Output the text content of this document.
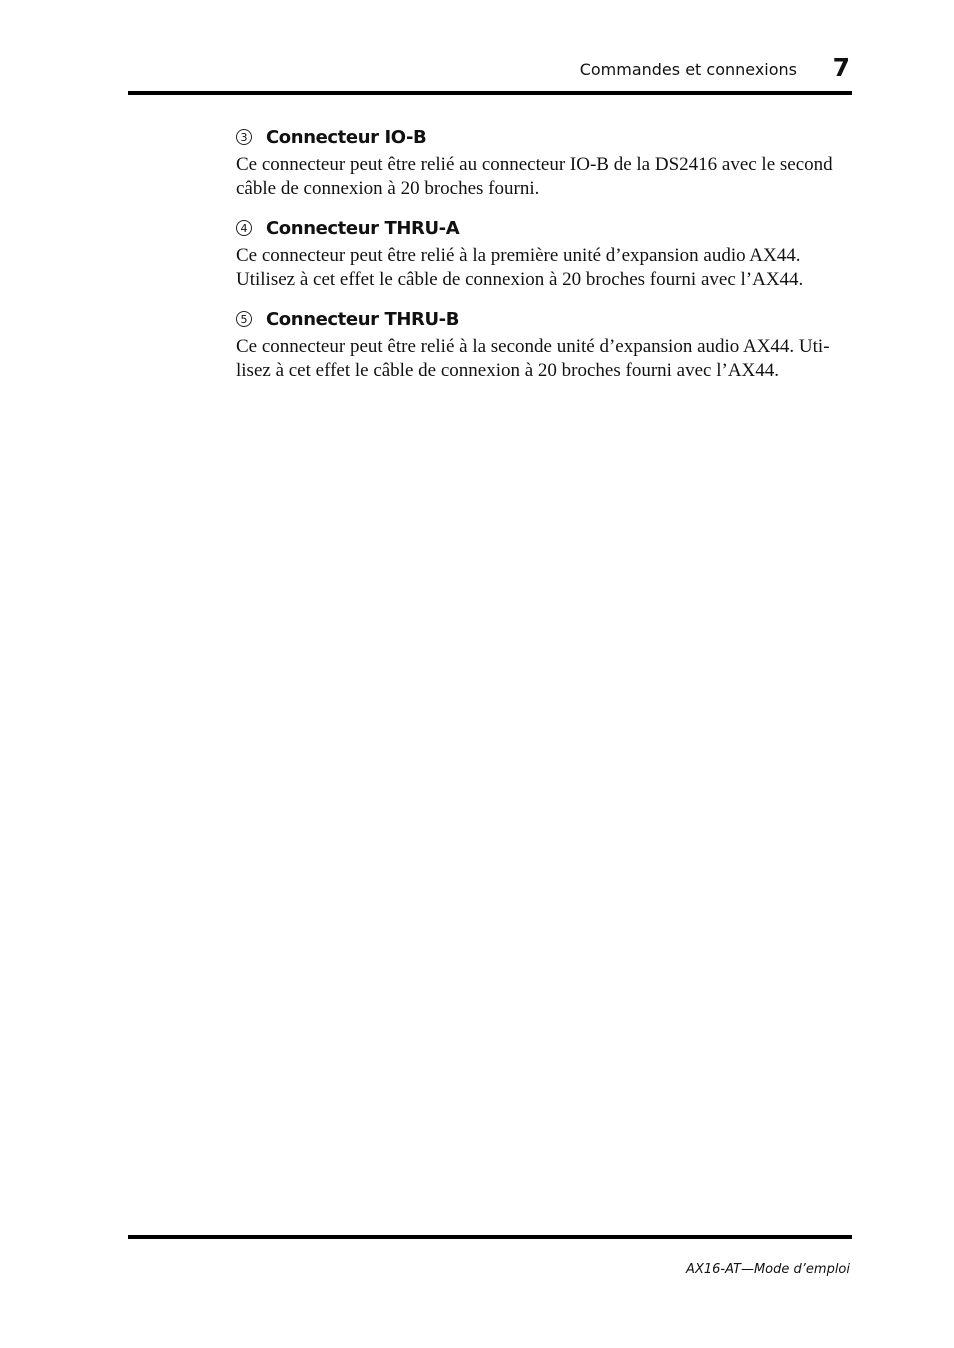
Commandes et connexions 7
3 Connecteur IO-B

Ce connecteur peut être relié au connecteur IO-B de la DS2416 avec le second
câble de connexion à 20 broches fourni.

4 Connecteur THRU-A

Ce connecteur peut être relié à la première unité d’expansion audio AX44.
Utilisez à cet effet le câble de connexion à 20 broches fourni avec l’AX44.

5 Connecteur THRU-B

Ce connecteur peut être relié à la seconde unité d’expansion audio AX44. Uti-
lisez à cet effet le câble de connexion à 20 broches fourni avec l’AX44.

AX16-AT—Mode d’emploi
